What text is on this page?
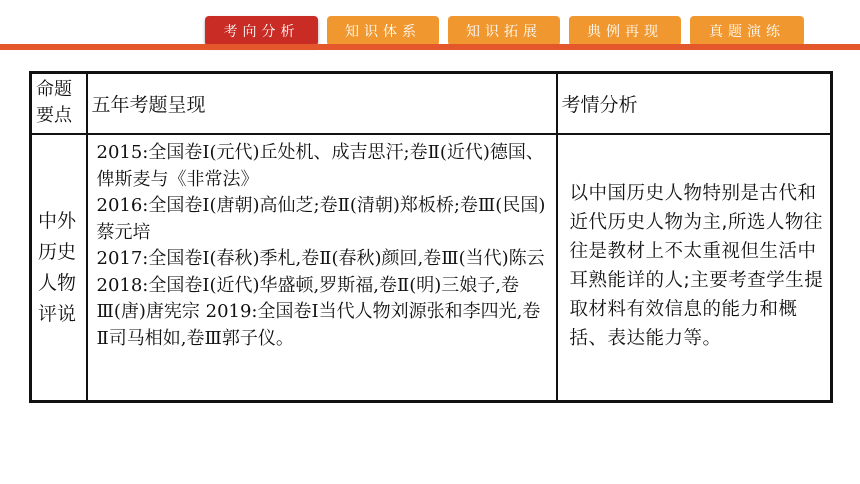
考向分析	知识体系	知识拓展	典例再现	真题演练
命题要点	五年考题呈现	考情分析
中外历史人物评说	2015:全国卷Ⅰ(元代)丘处机、成吉思汗;卷Ⅱ(近代)德国、俾斯麦与《非常法》
2016:全国卷Ⅰ(唐朝)高仙芝;卷Ⅱ(清朝)郑板桥;卷Ⅲ(民国)蔡元培
2017:全国卷Ⅰ(春秋)季札,卷Ⅱ(春秋)颜回,卷Ⅲ(当代)陈云
2018:全国卷Ⅰ(近代)华盛顿,罗斯福,卷Ⅱ(明)三娘子,卷Ⅲ(唐)唐宪宗 2019:全国卷Ⅰ当代人物刘源张和李四光,卷Ⅱ司马相如,卷Ⅲ郭子仪。	以中国历史人物特别是古代和近代历史人物为主,所选人物往往是教材上不太重视但生活中耳熟能详的人;主要考查学生提取材料有效信息的能力和概括、表达能力等。
